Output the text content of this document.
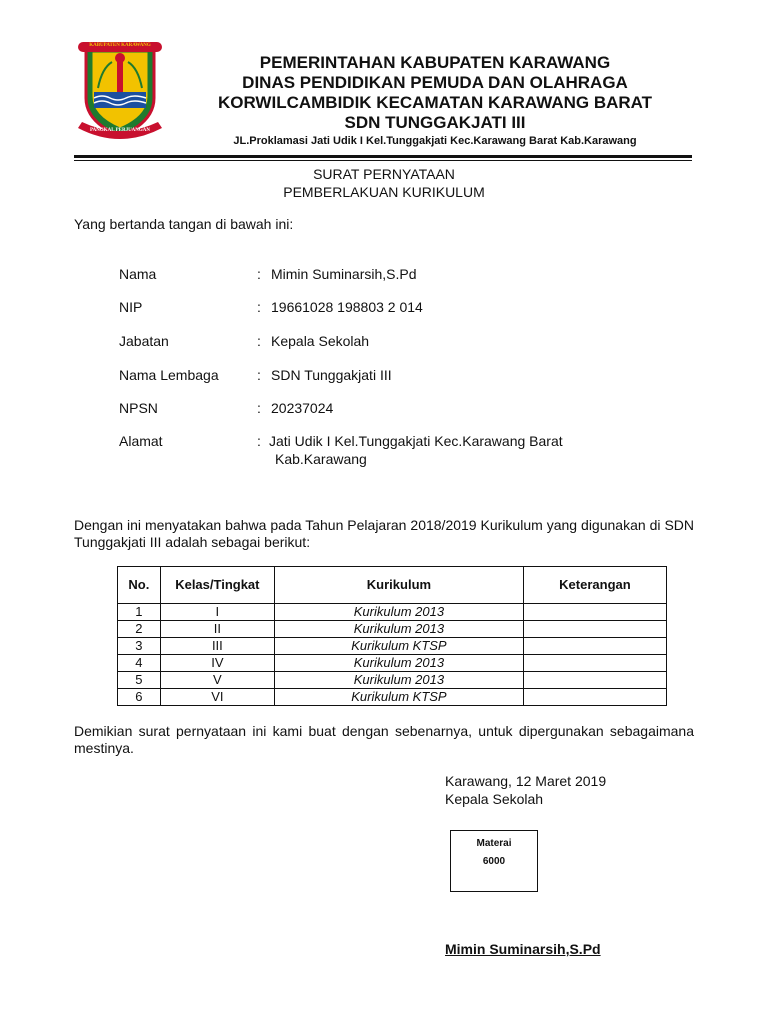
KABUPATEN KARAWANG
PANGKAL PERJUANGAN
PEMERINTAHAN KABUPATEN KARAWANG
DINAS PENDIDIKAN PEMUDA DAN OLAHRAGA
KORWILCAMBIDIK KECAMATAN KARAWANG BARAT
SDN TUNGGAKJATI III
JL.Proklamasi Jati Udik I Kel.Tunggakjati Kec.Karawang Barat Kab.Karawang
SURAT PERNYATAAN
PEMBERLAKUAN KURIKULUM
Yang bertanda tangan di bawah ini:
Nama	: Mimin Suminarsih,S.Pd
NIP	: 19661028 198803 2 014
Jabatan	: Kepala Sekolah
Nama Lembaga	: SDN Tunggakjati III
NPSN	: 20237024
Alamat	: Jati Udik I Kel.Tunggakjati Kec.Karawang Barat
Kab.Karawang
Dengan ini menyatakan bahwa pada Tahun Pelajaran 2018/2019 Kurikulum yang digunakan di SDN Tunggakjati III adalah sebagai berikut:
No.	Kelas/Tingkat	Kurikulum	Keterangan
1	I	Kurikulum 2013	
2	II	Kurikulum 2013	
3	III	Kurikulum KTSP	
4	IV	Kurikulum 2013	
5	V	Kurikulum 2013	
6	VI	Kurikulum KTSP	
Demikian surat pernyataan ini kami buat dengan sebenarnya, untuk dipergunakan sebagaimana mestinya.
Karawang, 12 Maret 2019
Kepala Sekolah
Materai
6000
Mimin Suminarsih,S.Pd
